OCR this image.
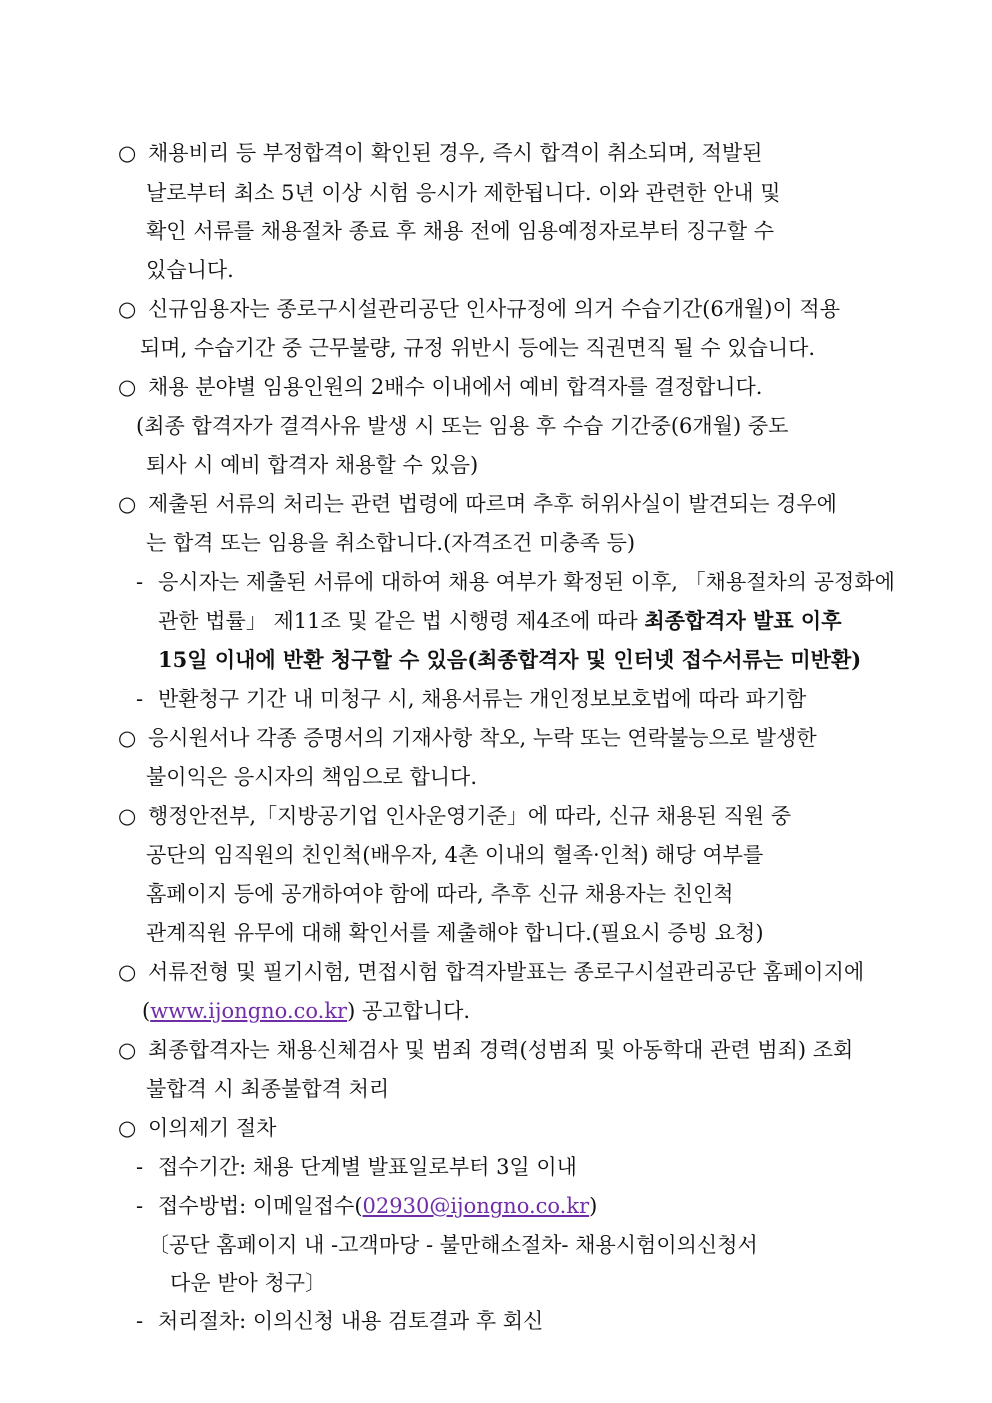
○ 채용비리 등 부정합격이 확인된 경우, 즉시 합격이 취소되며, 적발된
날로부터 최소 5년 이상 시험 응시가 제한됩니다. 이와 관련한 안내 및
확인 서류를 채용절차 종료 후 채용 전에 임용예정자로부터 징구할 수
있습니다.
○ 신규임용자는 종로구시설관리공단 인사규정에 의거 수습기간(6개월)이 적용
되며, 수습기간 중 근무불량, 규정 위반시 등에는 직권면직 될 수 있습니다.
○ 채용 분야별 임용인원의 2배수 이내에서 예비 합격자를 결정합니다.
(최종 합격자가 결격사유 발생 시 또는 임용 후 수습 기간중(6개월) 중도
퇴사 시 예비 합격자 채용할 수 있음)
○ 제출된 서류의 처리는 관련 법령에 따르며 추후 허위사실이 발견되는 경우에
는 합격 또는 임용을 취소합니다.(자격조건 미충족 등)
- 응시자는 제출된 서류에 대하여 채용 여부가 확정된 이후, 「채용절차의 공정화에
관한 법률」 제11조 및 같은 법 시행령 제4조에 따라 최종합격자 발표 이후
15일 이내에 반환 청구할 수 있음(최종합격자 및 인터넷 접수서류는 미반환)
- 반환청구 기간 내 미청구 시, 채용서류는 개인정보보호법에 따라 파기함
○ 응시원서나 각종 증명서의 기재사항 착오, 누락 또는 연락불능으로 발생한
불이익은 응시자의 책임으로 합니다.
○ 행정안전부,「지방공기업 인사운영기준」에 따라, 신규 채용된 직원 중
공단의 임직원의 친인척(배우자, 4촌 이내의 혈족·인척) 해당 여부를
홈페이지 등에 공개하여야 함에 따라, 추후 신규 채용자는 친인척
관계직원 유무에 대해 확인서를 제출해야 합니다.(필요시 증빙 요청)
○ 서류전형 및 필기시험, 면접시험 합격자발표는 종로구시설관리공단 홈페이지에
(www.ijongno.co.kr) 공고합니다.
○ 최종합격자는 채용신체검사 및 범죄 경력(성범죄 및 아동학대 관련 범죄) 조회
불합격 시 최종불합격 처리
○ 이의제기 절차
- 접수기간: 채용 단계별 발표일로부터 3일 이내
- 접수방법: 이메일접수(02930@ijongno.co.kr)
〔공단 홈페이지 내 -고객마당 - 불만해소절차- 채용시험이의신청서
다운 받아 청구〕
- 처리절차: 이의신청 내용 검토결과 후 회신
